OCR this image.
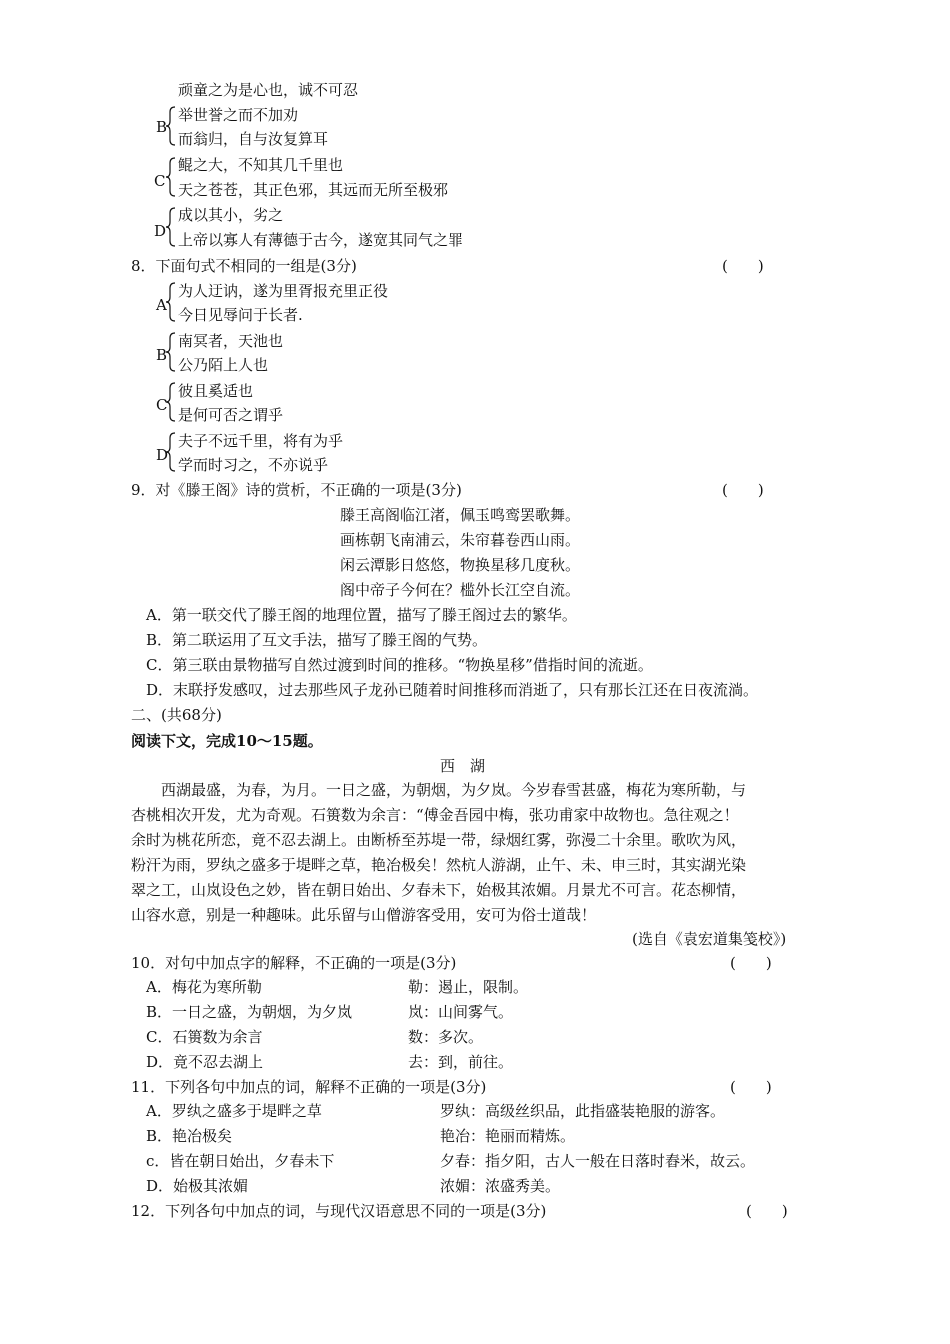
顽童之为是心也，诚不可忍
B
举世誉之而不加劝
而翁归，自与汝复算耳
C
鲲之大，不知其几千里也
天之苍苍，其正色邪，其远而无所至极邪
D
成以其小，劣之
上帝以寡人有薄德于古今，遂宽其同气之罪
8．下面句式不相同的一组是(3分)	(　　)
A
为人迂讷，遂为里胥报充里正役
今日见辱问于长者.
B
南冥者，天池也
公乃陌上人也
C
彼且奚适也
是何可否之谓乎
D
夫子不远千里，将有为乎
学而时习之，不亦说乎
9．对《滕王阁》诗的赏析，不正确的一项是(3分)	(　　)
滕王高阁临江渚，佩玉鸣鸾罢歌舞。
画栋朝飞南浦云，朱帘暮卷西山雨。
闲云潭影日悠悠，物换星移几度秋。
阁中帝子今何在？槛外长江空自流。
A．第一联交代了滕王阁的地理位置，描写了滕王阁过去的繁华。
B．第二联运用了互文手法，描写了滕王阁的气势。
C．第三联由景物描写自然过渡到时间的推移。“物换星移”借指时间的流逝。
D．末联抒发感叹，过去那些风子龙孙已随着时间推移而消逝了，只有那长江还在日夜流淌。
二、(共68分)
阅读下文，完成10～15题。
西　湖
　　西湖最盛，为春，为月。一日之盛，为朝烟，为夕岚。今岁春雪甚盛，梅花为寒所勒，与
杏桃相次开发，尤为奇观。石篑数为余言：“傅金吾园中梅，张功甫家中故物也。急往观之！
余时为桃花所恋，竟不忍去湖上。由断桥至苏堤一带，绿烟红雾，弥漫二十余里。歌吹为风，
粉汗为雨，罗纨之盛多于堤畔之草，艳冶极矣！然杭人游湖，止午、未、申三时，其实湖光染
翠之工，山岚设色之妙，皆在朝日始出、夕春未下，始极其浓媚。月景尤不可言。花态柳情，
山容水意，别是一种趣味。此乐留与山僧游客受用，安可为俗士道哉！
(选自《袁宏道集笺校》)
10．对句中加点字的解释，不正确的一项是(3分)	(　　)
A．梅花为寒所勒	勒：遏止，限制。
B．一日之盛，为朝烟，为夕岚	岚：山间雾气。
C．石篑数为余言	数：多次。
D．竟不忍去湖上	去：到，前往。
11．下列各句中加点的词，解释不正确的一项是(3分)	(　　)
A．罗纨之盛多于堤畔之草	罗纨：高级丝织品，此指盛装艳服的游客。
B．艳冶极矣	艳冶：艳丽而精炼。
c．皆在朝日始出，夕春未下	夕春：指夕阳，古人一般在日落时舂米，故云。
D．始极其浓媚	浓媚：浓盛秀美。
12．下列各句中加点的词，与现代汉语意思不同的一项是(3分)	(　　)
